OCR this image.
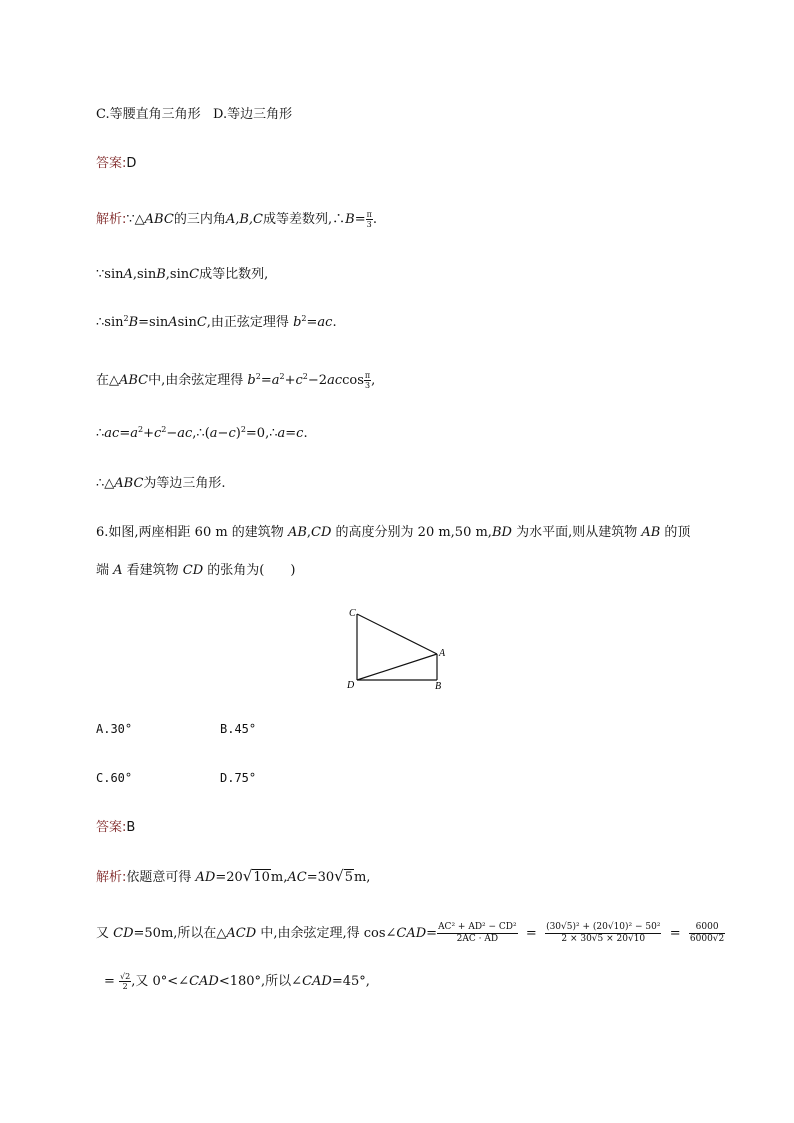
C.等腰直角三角形 D.等边三角形
答案:D
解析:∵△ABC的三内角A,B,C成等差数列,∴B= $\frac{\pi}{3}$ .
∵sinA,sinB,sinC成等比数列,
$\therefore\sin^2B=sinAsinC$,由正弦定理得 $b^2=ac$.
在△ABC中,由余弦定理得 $b^2=a^2+c^2-2accos \frac{\pi}{3}$ ,
$\therefore ac=a^2+c^2-ac,\therefore(a-c)^2=0,\therefore a=c$.
∴△ABC为等边三角形.
6.如图,两座相距 60 m 的建筑物 AB,CD 的高度分别为 20 m,50 m,BD 为水平面,则从建筑物 AB 的顶
端 A 看建筑物 CD 的张角为(　　)
C
A
D	B
A.30°	B.45°
C.60°	D.75°
答案:B
解析:依题意可得 AD=20√10m,AC=30√5m,
又 CD=50m,所以在△ACD 中,由余弦定理,得 cos∠CAD= $\frac{\text{AC² + AD² − CD²}}{2AC \cdot AD} = \frac{\text{(30√5)² + (20√10)² − 50²}}{2 \times 30√5 \times 20√10} = \frac{6000}{6000√2}$
= $\frac{√2}{2}$ ,又 0°<∠CAD<180°,所以∠CAD=45°,
